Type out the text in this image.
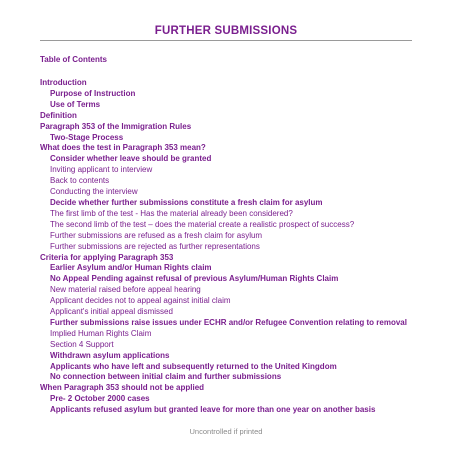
FURTHER SUBMISSIONS
Table of Contents
Introduction
Purpose of Instruction
Use of Terms
Definition
Paragraph 353 of the Immigration Rules
Two-Stage Process
What does the test in Paragraph 353 mean?
Consider whether leave should be granted
Inviting applicant to interview
Back to contents
Conducting the interview
Decide whether further submissions constitute a fresh claim for asylum
The first limb of the test - Has the material already been considered?
The second limb of the test – does the material create a realistic prospect of success?
Further submissions are refused as a fresh claim for asylum
Further submissions are rejected as further representations
Criteria for applying Paragraph 353
Earlier Asylum and/or Human Rights claim
No Appeal Pending against refusal of previous Asylum/Human Rights Claim
New material raised before appeal hearing
Applicant decides not to appeal against initial claim
Applicant's initial appeal dismissed
Further submissions raise issues under ECHR and/or Refugee Convention relating to removal
Implied Human Rights Claim
Section 4 Support
Withdrawn asylum applications
Applicants who have left and subsequently returned to the United Kingdom
No connection between initial claim and further submissions
When Paragraph 353 should not be applied
Pre- 2 October 2000 cases
Applicants refused asylum but granted leave for more than one year on another basis
Uncontrolled if printed
